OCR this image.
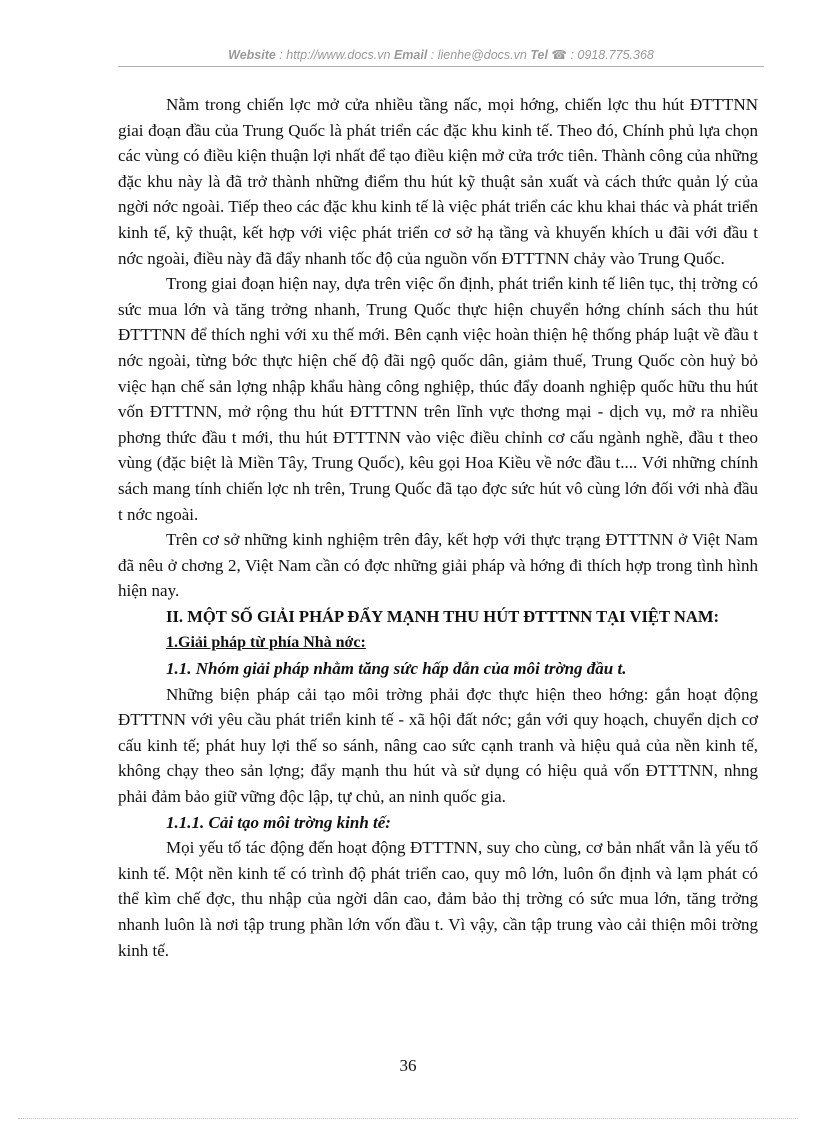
Website : http://www.docs.vn Email : lienhe@docs.vn Tel ☎ : 0918.775.368

Nằm trong chiến lợc mở cửa nhiều tầng nấc, mọi hớng, chiến lợc thu hút ĐTTTNN giai đoạn đầu của Trung Quốc là phát triển các đặc khu kinh tế. Theo đó, Chính phủ lựa chọn các vùng có điều kiện thuận lợi nhất để tạo điều kiện mở cửa trớc tiên. Thành công của những đặc khu này là đã trở thành những điểm thu hút kỹ thuật sản xuất và cách thức quản lý của ngời nớc ngoài. Tiếp theo các đặc khu kinh tế là việc phát triển các khu khai thác và phát triển kinh tế, kỹ thuật, kết hợp với việc phát triển cơ sở hạ tầng và khuyến khích u đãi với đầu t nớc ngoài, điều này đã đẩy nhanh tốc độ của nguồn vốn ĐTTTNN chảy vào Trung Quốc.

Trong giai đoạn hiện nay, dựa trên việc ổn định, phát triển kinh tế liên tục, thị trờng có sức mua lớn và tăng trởng nhanh, Trung Quốc thực hiện chuyển hớng chính sách thu hút ĐTTTNN để thích nghi với xu thế mới. Bên cạnh việc hoàn thiện hệ thống pháp luật về đầu t nớc ngoài, từng bớc thực hiện chế độ đãi ngộ quốc dân, giảm thuế, Trung Quốc còn huỷ bỏ việc hạn chế sản lợng nhập khẩu hàng công nghiệp, thúc đẩy doanh nghiệp quốc hữu thu hút vốn ĐTTTNN, mở rộng thu hút ĐTTTNN trên lĩnh vực thơng mại - dịch vụ, mở ra nhiều phơng thức đầu t mới, thu hút ĐTTTNN vào việc điều chỉnh cơ cấu ngành nghề, đầu t theo vùng (đặc biệt là Miền Tây, Trung Quốc), kêu gọi Hoa Kiều về nớc đầu t.... Với những chính sách mang tính chiến lợc nh trên, Trung Quốc đã tạo đợc sức hút vô cùng lớn đối với nhà đầu t nớc ngoài.

Trên cơ sở những kinh nghiệm trên đây, kết hợp với thực trạng ĐTTTNN ở Việt Nam đã nêu ở chơng 2, Việt Nam cần có đợc những giải pháp và hớng đi thích hợp trong tình hình hiện nay.

II. MỘT SỐ GIẢI PHÁP ĐẨY MẠNH THU HÚT ĐTTTNN TẠI VIỆT NAM:
1.Giải pháp từ phía Nhà nớc:
1.1. Nhóm giải pháp nhằm tăng sức hấp dẫn của môi trờng đầu t.

Những biện pháp cải tạo môi trờng phải đợc thực hiện theo hớng: gắn hoạt động ĐTTTNN với yêu cầu phát triển kinh tế - xã hội đất nớc; gắn với quy hoạch, chuyển dịch cơ cấu kinh tế; phát huy lợi thế so sánh, nâng cao sức cạnh tranh và hiệu quả của nền kinh tế, không chạy theo sản lợng; đẩy mạnh thu hút và sử dụng có hiệu quả vốn ĐTTTNN, nhng phải đảm bảo giữ vững độc lập, tự chủ, an ninh quốc gia.

1.1.1. Cải tạo môi trờng kinh tế:

Mọi yếu tố tác động đến hoạt động ĐTTTNN, suy cho cùng, cơ bản nhất vẫn là yếu tố kinh tế. Một nền kinh tế có trình độ phát triển cao, quy mô lớn, luôn ổn định và lạm phát có thể kìm chế đợc, thu nhập của ngời dân cao, đảm bảo thị trờng có sức mua lớn, tăng trởng nhanh luôn là nơi tập trung phần lớn vốn đầu t. Vì vậy, cần tập trung vào cải thiện môi trờng kinh tế.

36
